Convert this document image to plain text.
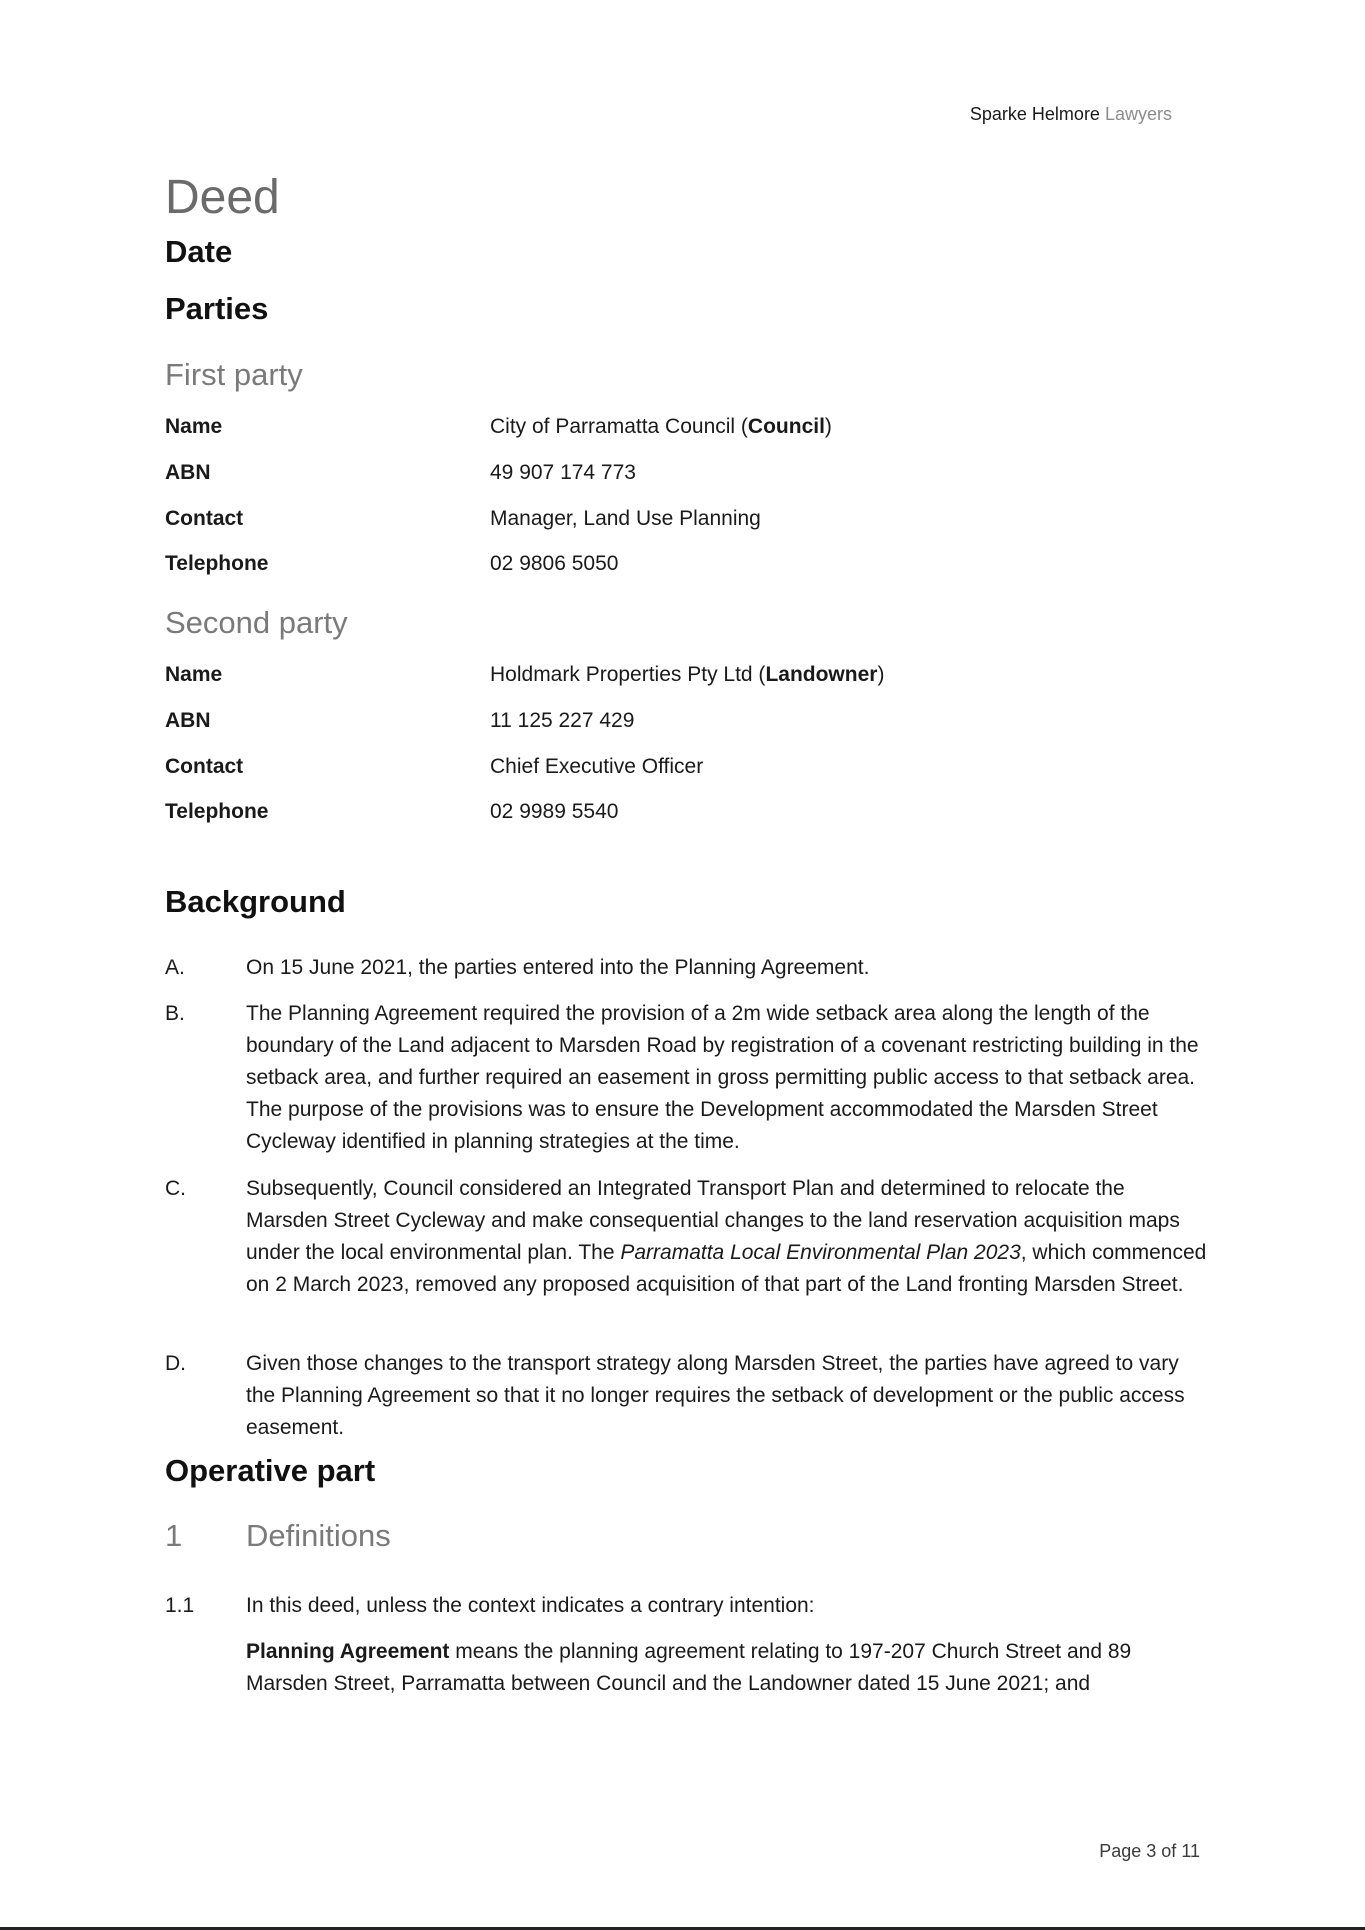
Sparke Helmore Lawyers
Deed
Date
Parties
First party
Name	City of Parramatta Council (Council)
ABN	49 907 174 773
Contact	Manager, Land Use Planning
Telephone	02 9806 5050
Second party
Name	Holdmark Properties Pty Ltd (Landowner)
ABN	11 125 227 429
Contact	Chief Executive Officer
Telephone	02 9989 5540
Background
A.	On 15 June 2021, the parties entered into the Planning Agreement.
B.	The Planning Agreement required the provision of a 2m wide setback area along the length of the boundary of the Land adjacent to Marsden Road by registration of a covenant restricting building in the setback area, and further required an easement in gross permitting public access to that setback area. The purpose of the provisions was to ensure the Development accommodated the Marsden Street Cycleway identified in planning strategies at the time.
C.	Subsequently, Council considered an Integrated Transport Plan and determined to relocate the Marsden Street Cycleway and make consequential changes to the land reservation acquisition maps under the local environmental plan. The Parramatta Local Environmental Plan 2023, which commenced on 2 March 2023, removed any proposed acquisition of that part of the Land fronting Marsden Street.
D.	Given those changes to the transport strategy along Marsden Street, the parties have agreed to vary the Planning Agreement so that it no longer requires the setback of development or the public access easement.
Operative part
1 Definitions
1.1 In this deed, unless the context indicates a contrary intention:
Planning Agreement means the planning agreement relating to 197-207 Church Street and 89 Marsden Street, Parramatta between Council and the Landowner dated 15 June 2021; and
Page 3 of 11
